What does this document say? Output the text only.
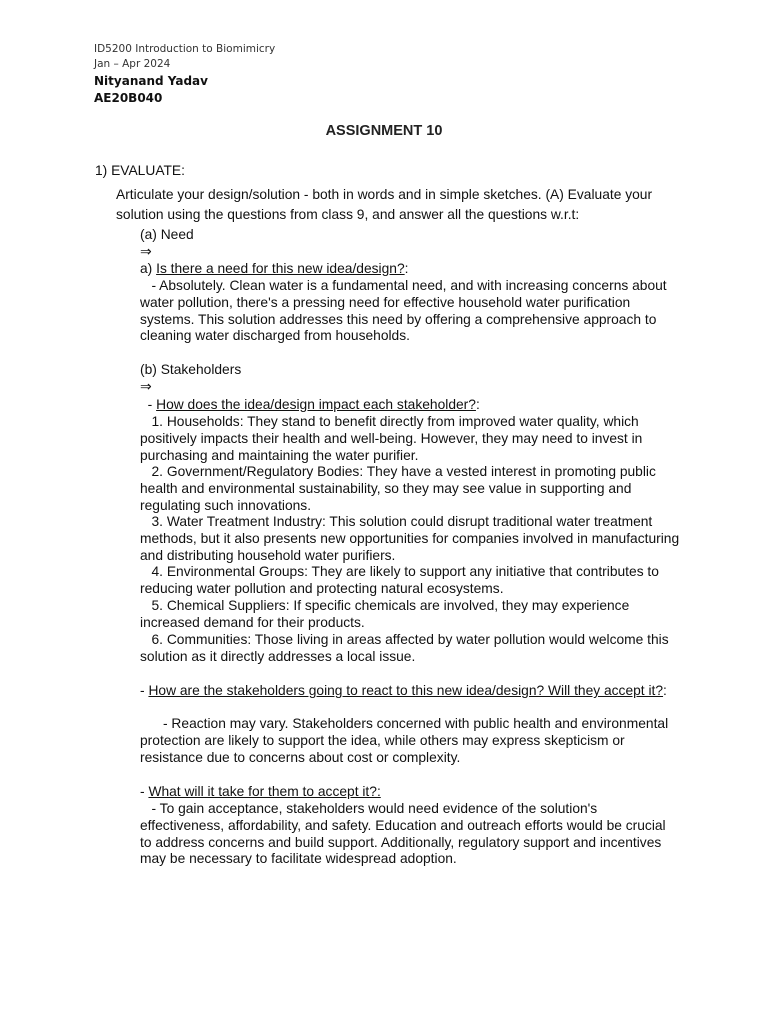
ID5200 Introduction to Biomimicry
Jan – Apr 2024
Nityanand Yadav
AE20B040
ASSIGNMENT 10
1) EVALUATE:
Articulate your design/solution - both in words and in simple sketches. (A) Evaluate your solution using the questions from class 9, and answer all the questions w.r.t:
(a) Need
⇒
a) Is there a need for this new idea/design?:
- Absolutely. Clean water is a fundamental need, and with increasing concerns about water pollution, there's a pressing need for effective household water purification systems. This solution addresses this need by offering a comprehensive approach to cleaning water discharged from households.
(b) Stakeholders
⇒
- How does the idea/design impact each stakeholder?:
1. Households: They stand to benefit directly from improved water quality, which positively impacts their health and well-being. However, they may need to invest in purchasing and maintaining the water purifier.
2. Government/Regulatory Bodies: They have a vested interest in promoting public health and environmental sustainability, so they may see value in supporting and regulating such innovations.
3. Water Treatment Industry: This solution could disrupt traditional water treatment methods, but it also presents new opportunities for companies involved in manufacturing and distributing household water purifiers.
4. Environmental Groups: They are likely to support any initiative that contributes to reducing water pollution and protecting natural ecosystems.
5. Chemical Suppliers: If specific chemicals are involved, they may experience increased demand for their products.
6. Communities: Those living in areas affected by water pollution would welcome this solution as it directly addresses a local issue.
- How are the stakeholders going to react to this new idea/design? Will they accept it?:
- Reaction may vary. Stakeholders concerned with public health and environmental protection are likely to support the idea, while others may express skepticism or resistance due to concerns about cost or complexity.
- What will it take for them to accept it?:
- To gain acceptance, stakeholders would need evidence of the solution's effectiveness, affordability, and safety. Education and outreach efforts would be crucial to address concerns and build support. Additionally, regulatory support and incentives may be necessary to facilitate widespread adoption.
